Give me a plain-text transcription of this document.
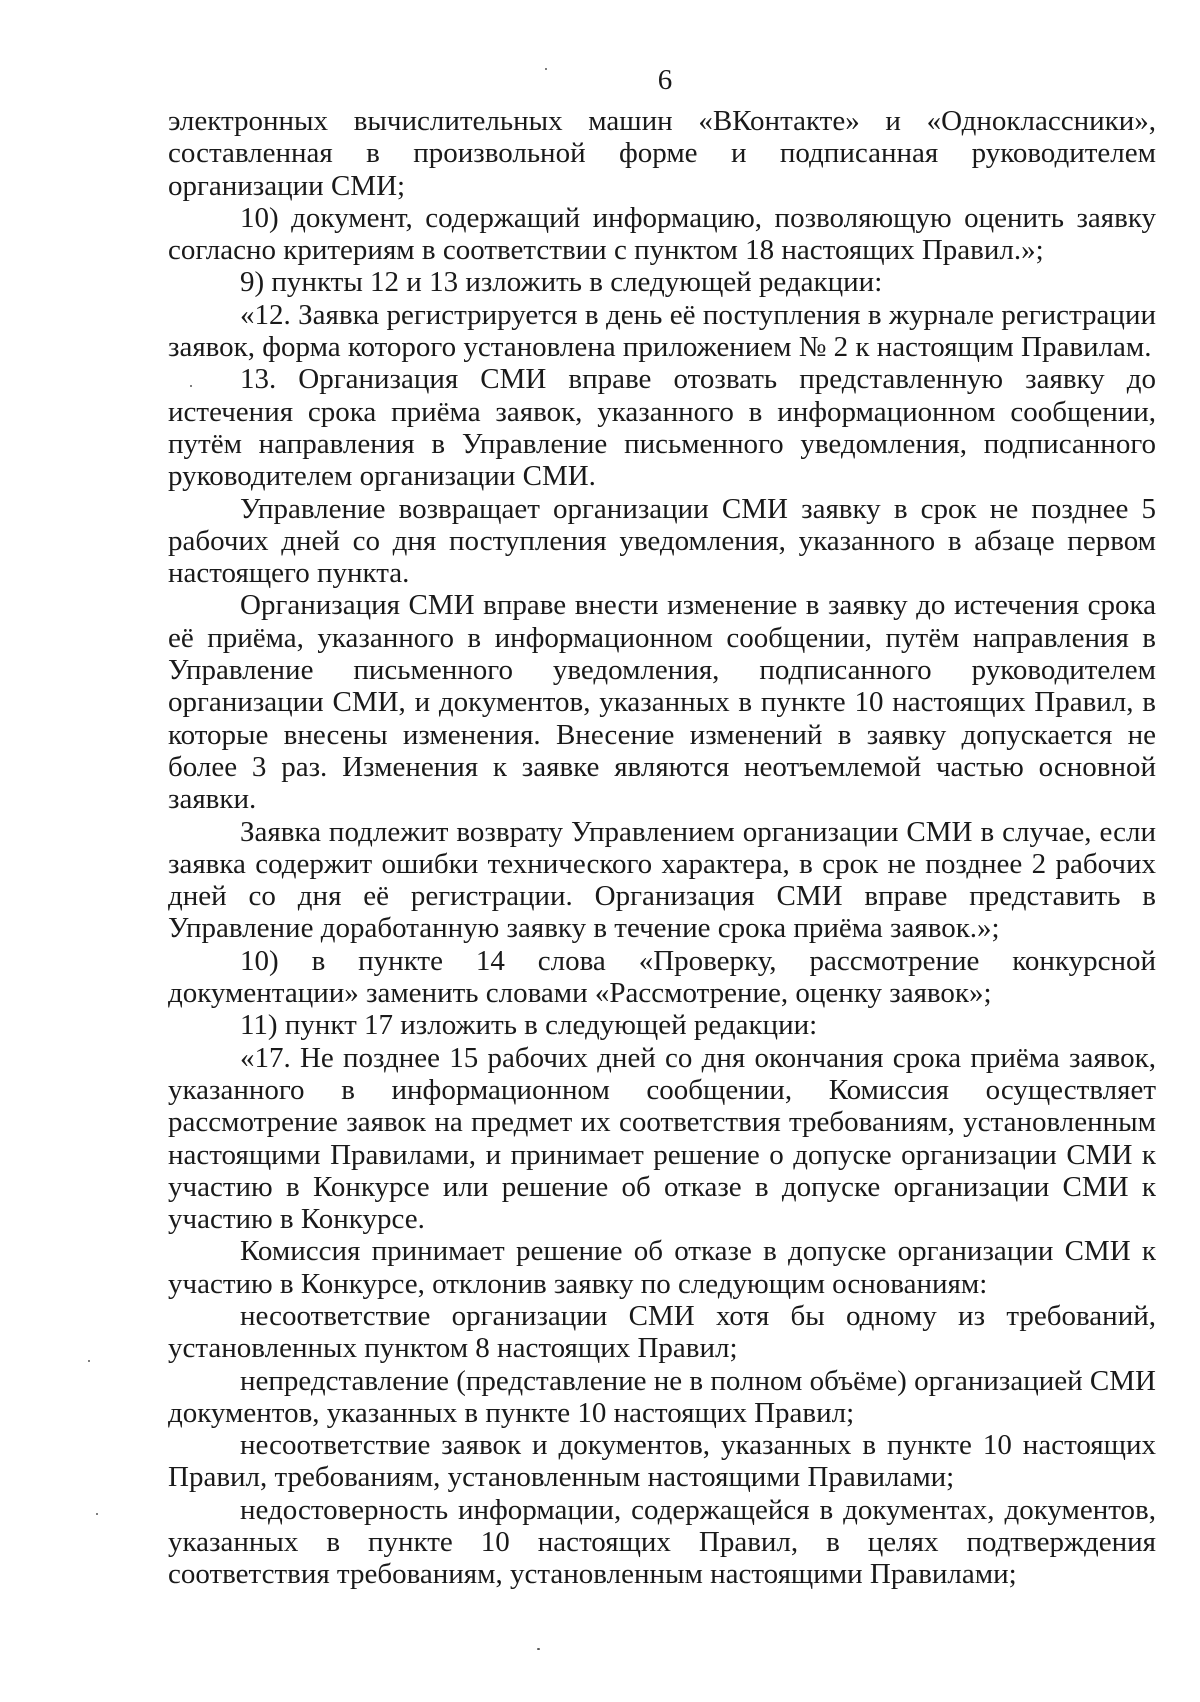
6

электронных вычислительных машин «ВКонтакте» и «Одноклассники», составленная в произвольной форме и подписанная руководителем организации СМИ;

10) документ, содержащий информацию, позволяющую оценить заявку согласно критериям в соответствии с пунктом 18 настоящих Правил.»;

9) пункты 12 и 13 изложить в следующей редакции:

«12. Заявка регистрируется в день её поступления в журнале регистрации заявок, форма которого установлена приложением № 2 к настоящим Правилам.

13. Организация СМИ вправе отозвать представленную заявку до истечения срока приёма заявок, указанного в информационном сообщении, путём направления в Управление письменного уведомления, подписанного руководителем организации СМИ.

Управление возвращает организации СМИ заявку в срок не позднее 5 рабочих дней со дня поступления уведомления, указанного в абзаце первом настоящего пункта.

Организация СМИ вправе внести изменение в заявку до истечения срока её приёма, указанного в информационном сообщении, путём направления в Управление письменного уведомления, подписанного руководителем организации СМИ, и документов, указанных в пункте 10 настоящих Правил, в которые внесены изменения. Внесение изменений в заявку допускается не более 3 раз. Изменения к заявке являются неотъемлемой частью основной заявки.

Заявка подлежит возврату Управлением организации СМИ в случае, если заявка содержит ошибки технического характера, в срок не позднее 2 рабочих дней со дня её регистрации. Организация СМИ вправе представить в Управление доработанную заявку в течение срока приёма заявок.»;

10) в пункте 14 слова «Проверку, рассмотрение конкурсной документации» заменить словами «Рассмотрение, оценку заявок»;

11) пункт 17 изложить в следующей редакции:

«17. Не позднее 15 рабочих дней со дня окончания срока приёма заявок, указанного в информационном сообщении, Комиссия осуществляет рассмотрение заявок на предмет их соответствия требованиям, установленным настоящими Правилами, и принимает решение о допуске организации СМИ к участию в Конкурсе или решение об отказе в допуске организации СМИ к участию в Конкурсе.

Комиссия принимает решение об отказе в допуске организации СМИ к участию в Конкурсе, отклонив заявку по следующим основаниям:

несоответствие организации СМИ хотя бы одному из требований, установленных пунктом 8 настоящих Правил;

непредставление (представление не в полном объёме) организацией СМИ документов, указанных в пункте 10 настоящих Правил;

несоответствие заявок и документов, указанных в пункте 10 настоящих Правил, требованиям, установленным настоящими Правилами;

недостоверность информации, содержащейся в документах, документов, указанных в пункте 10 настоящих Правил, в целях подтверждения соответствия требованиям, установленным настоящими Правилами;
